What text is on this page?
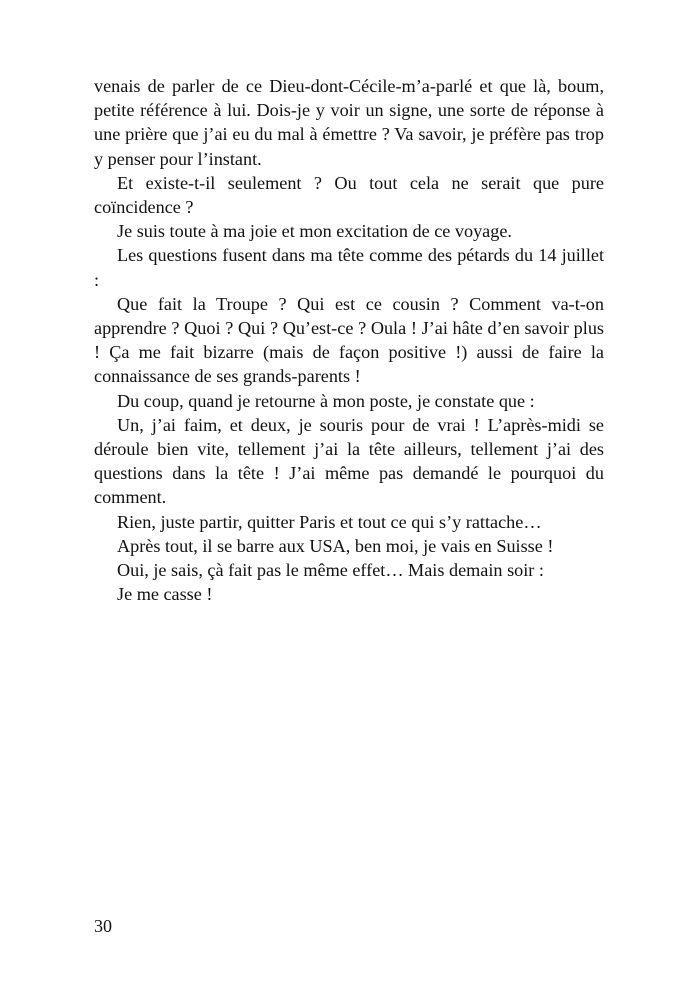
venais de parler de ce Dieu-dont-Cécile-m’a-parlé et que là, boum, petite référence à lui. Dois-je y voir un signe, une sorte de réponse à une prière que j’ai eu du mal à émettre ? Va savoir, je préfère pas trop y penser pour l’instant.

Et existe-t-il seulement ? Ou tout cela ne serait que pure coïncidence ?

Je suis toute à ma joie et mon excitation de ce voyage.

Les questions fusent dans ma tête comme des pétards du 14 juillet :

Que fait la Troupe ? Qui est ce cousin ? Comment va-t-on apprendre ? Quoi ? Qui ? Qu’est-ce ? Oula ! J’ai hâte d’en savoir plus ! Ça me fait bizarre (mais de façon positive !) aussi de faire la connaissance de ses grands-parents !

Du coup, quand je retourne à mon poste, je constate que :

Un, j’ai faim, et deux, je souris pour de vrai ! L’après-midi se déroule bien vite, tellement j’ai la tête ailleurs, tellement j’ai des questions dans la tête ! J’ai même pas demandé le pourquoi du comment.

Rien, juste partir, quitter Paris et tout ce qui s’y rattache…

Après tout, il se barre aux USA, ben moi, je vais en Suisse !

Oui, je sais, çà fait pas le même effet… Mais demain soir :

Je me casse !

30
